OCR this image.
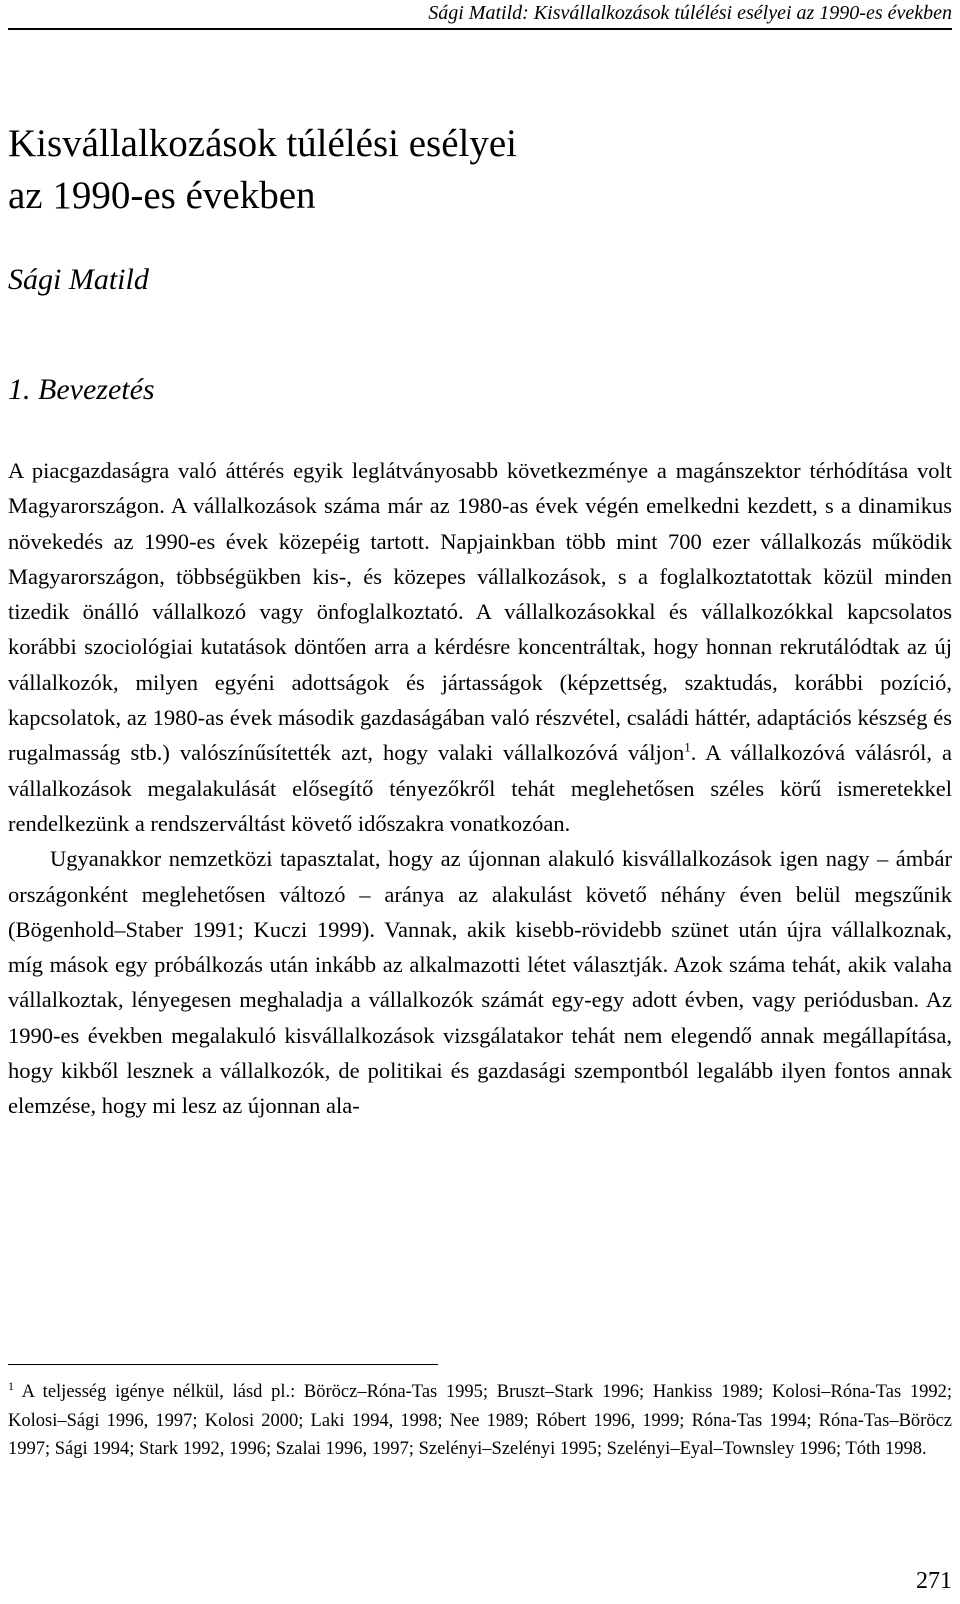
Sági Matild: Kisvállalkozások túlélési esélyei az 1990-es években
Kisvállalkozások túlélési esélyei
az 1990-es években
Sági Matild
1. Bevezetés

A piacgazdaságra való áttérés egyik leglátványosabb következménye a magánszektor térhódítása volt Magyarországon. A vállalkozások száma már az 1980-as évek végén emelkedni kezdett, s a dinamikus növekedés az 1990-es évek közepéig tartott. Napjainkban több mint 700 ezer vállalkozás működik Magyarországon, többségükben kis-, és közepes vállalkozások, s a foglalkoztatottak közül minden tizedik önálló vállalkozó vagy önfoglalkoztató. A vállalkozásokkal és vállalkozókkal kapcsolatos korábbi szociológiai kutatások döntően arra a kérdésre koncentráltak, hogy honnan rekrutálódtak az új vállalkozók, milyen egyéni adottságok és jártasságok (képzettség, szaktudás, korábbi pozíció, kapcsolatok, az 1980-as évek második gazdaságában való részvétel, családi háttér, adaptációs készség és rugalmasság stb.) valószínűsítették azt, hogy valaki vállalkozóvá váljon$^1$. A vállalkozóvá válásról, a vállalkozások megalakulását elősegítő tényezőkről tehát meglehetősen széles körű ismeretekkel rendelkezünk a rendszerváltást követő időszakra vonatkozóan.

Ugyanakkor nemzetközi tapasztalat, hogy az újonnan alakuló kisvállalkozások igen nagy – ámbár országonként meglehetősen változó – aránya az alakulást követő néhány éven belül megszűnik (Bögenhold–Staber 1991; Kuczi 1999). Vannak, akik kisebb-rövidebb szünet után újra vállalkoznak, míg mások egy próbálkozás után inkább az alkalmazotti létet választják. Azok száma tehát, akik valaha vállalkoztak, lényegesen meghaladja a vállalkozók számát egy-egy adott évben, vagy periódusban. Az 1990-es években megalakuló kisvállalkozások vizsgálatakor tehát nem elegendő annak megállapítása, hogy kikből lesznek a vállalkozók, de politikai és gazdasági szempontból legalább ilyen fontos annak elemzése, hogy mi lesz az újonnan ala-

$^1$ A teljesség igénye nélkül, lásd pl.: Böröcz–Róna-Tas 1995; Bruszt–Stark 1996; Hankiss 1989; Kolosi–Róna-Tas 1992; Kolosi–Sági 1996, 1997; Kolosi 2000; Laki 1994, 1998; Nee 1989; Róbert 1996, 1999; Róna-Tas 1994; Róna-Tas–Böröcz 1997; Sági 1994; Stark 1992, 1996; Szalai 1996, 1997; Szelényi–Szelényi 1995; Szelényi–Eyal–Townsley 1996; Tóth 1998.
271
